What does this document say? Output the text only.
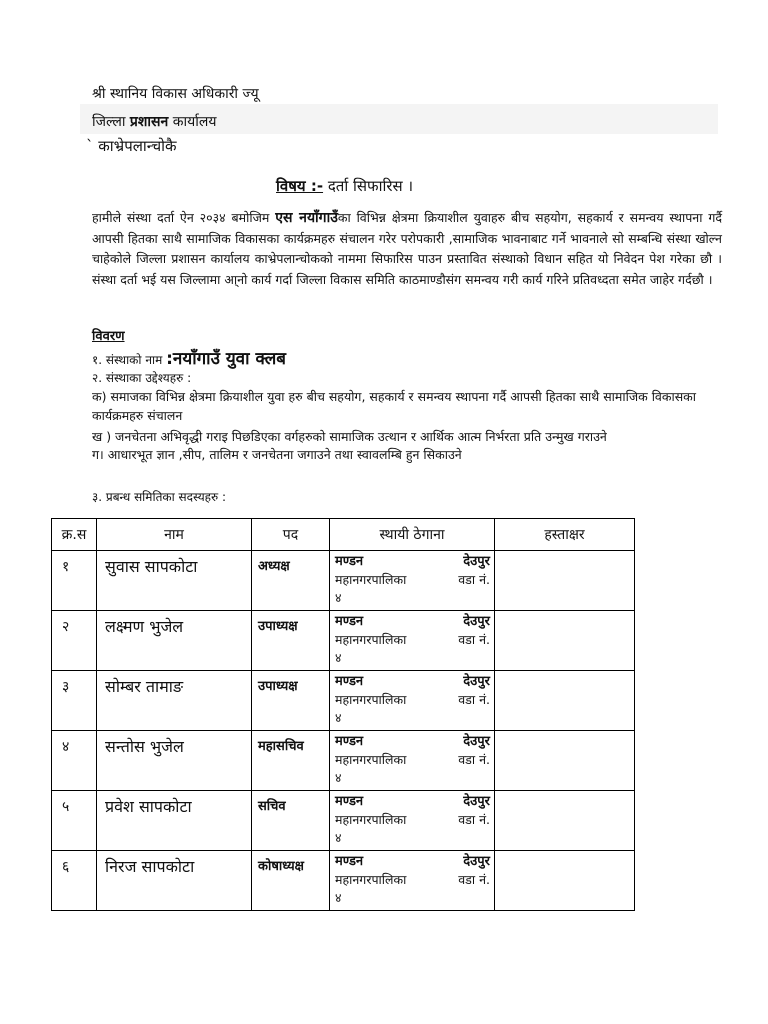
श्री स्थानिय विकास अधिकारी ज्यू
जिल्ला प्रशासन कार्यालय
` काभ्रेपलान्चोकै
विषय :- दर्ता सिफारिस ।
हामीले संस्था दर्ता ऐन २०३४ बमोजिम एस नयाँगाउँका विभिन्न क्षेत्रमा क्रियाशील युवाहरु बीच सहयोग, सहकार्य र समन्वय स्थापना गर्दै आपसी हितका साथै सामाजिक विकासका कार्यक्रमहरु संचालन गरेर परोपकारी ,सामाजिक भावनाबाट गर्ने भावनाले सो सम्बन्धि संस्था खोल्न चाहेकोले जिल्ला प्रशासन कार्यालय काभ्रेपलान्चोकको नाममा सिफारिस पाउन प्रस्तावित संस्थाको विधान सहित यो निवेदन पेश गरेका छौ । संस्था दर्ता भई यस जिल्लामा आ्नो कार्य गर्दा जिल्ला विकास समिति काठमाण्डौसंग समन्वय गरी कार्य गरिने प्रतिवध्दता समेत जाहेर गर्दछौ ।
विवरण
१. संस्थाको नाम :नयाँगाउँ युवा क्लब
२. संस्थाका उद्देश्यहरु :
क) समाजका विभिन्न क्षेत्रमा क्रियाशील युवा हरु बीच सहयोग, सहकार्य र समन्वय स्थापना गर्दै आपसी हितका साथै सामाजिक विकासका कार्यक्रमहरु संचालन
ख ) जनचेतना अभिवृद्धी गराइ पिछडिएका वर्गहरुको सामाजिक उत्थान र आर्थिक आत्म निर्भरता प्रति उन्मुख गराउने
ग। आधारभूत ज्ञान ,सीप, तालिम र जनचेतना जगाउने तथा स्वावलम्बि हुन सिकाउने
३. प्रबन्ध समितिका सदस्यहरु :
क्र.स	नाम	पद	स्थायी ठेगाना	हस्ताक्षर

१	सुवास सापकोटा	अध्यक्ष	मण्डन देउपुर
महानगरपालिका वडा नं.
४	

२	लक्ष्मण भुजेल	उपाध्यक्ष	मण्डन देउपुर
महानगरपालिका वडा नं.
४	

३	सोम्बर तामाङ	उपाध्यक्ष	मण्डन देउपुर
महानगरपालिका वडा नं.
४	

४	सन्तोस भुजेल	महासचिव	मण्डन देउपुर
महानगरपालिका वडा नं.
४	

५	प्रवेश सापकोटा	सचिव	मण्डन देउपुर
महानगरपालिका वडा नं.
४	

६	निरज सापकोटा	कोषाध्यक्ष	मण्डन देउपुर
महानगरपालिका वडा नं.
४	
